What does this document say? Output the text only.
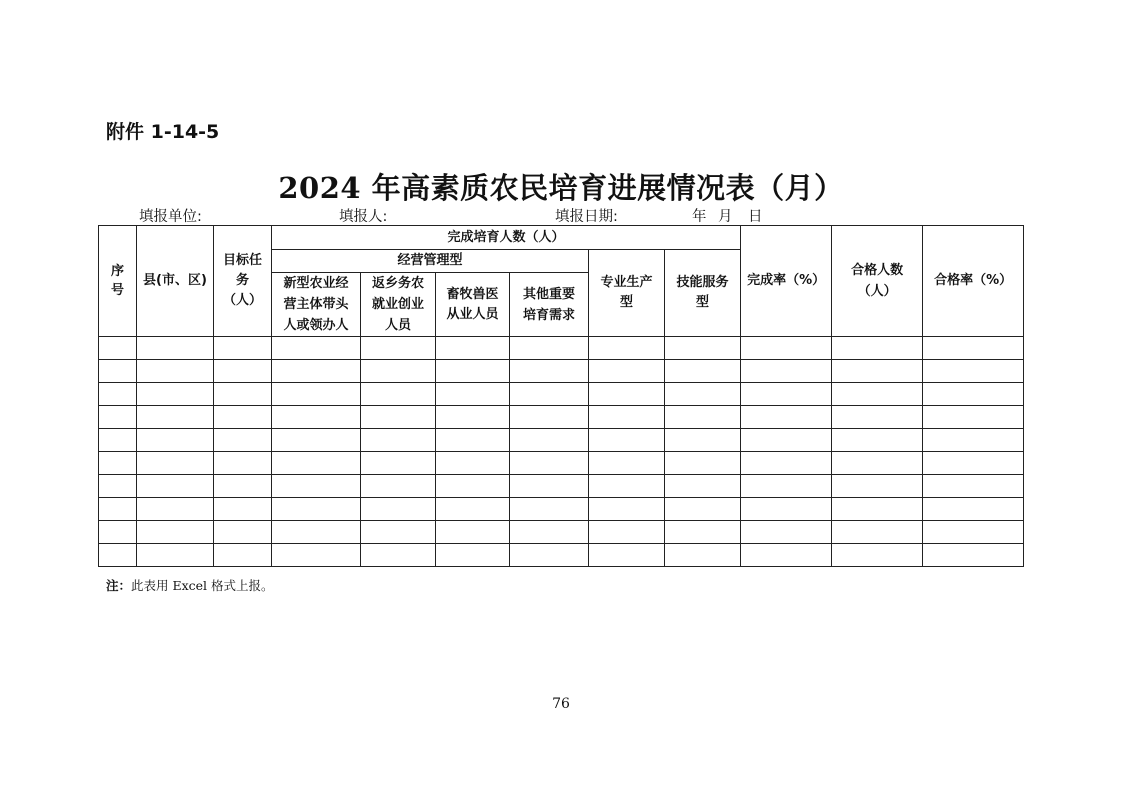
附件 1-14-5
2024 年高素质农民培育进展情况表（月）
填报单位:	填报人:	填报日期:	年 月 日
序号	县(市、区)	目标任务（人）	完成培育人数（人）						完成率（%）	合格人数（人）	合格率（%）
			经营管理型				专业生产型	技能服务型			
			新型农业经营主体带头人或领办人	返乡务农就业创业人员	畜牧兽医从业人员	其他重要培育需求					

注：此表用 Excel 格式上报。
76
